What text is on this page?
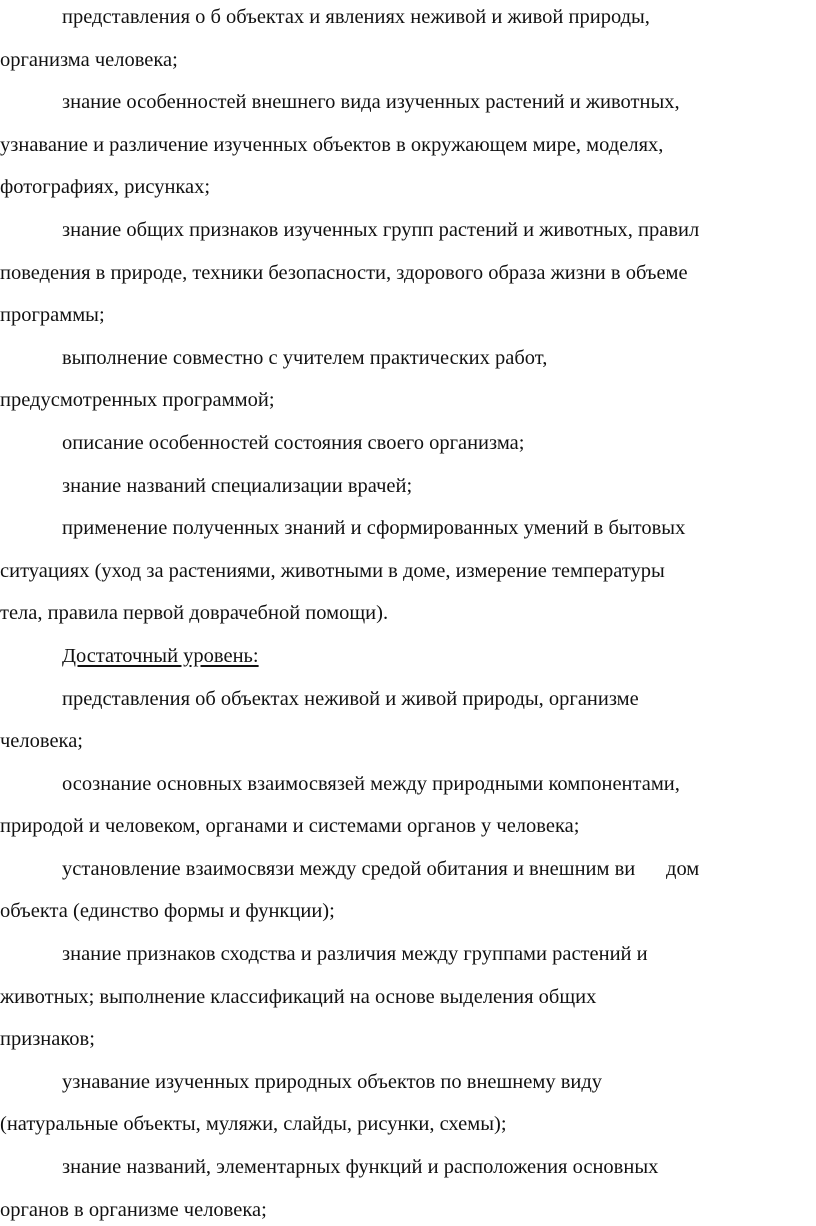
представления о б объектах и явлениях неживой и живой природы,
организма человека;
знание особенностей внешнего вида изученных растений и животных,
узнавание и различение изученных объектов в окружающем мире, моделях,
фотографиях, рисунках;
знание общих признаков изученных групп растений и животных, правил
поведения в природе, техники безопасности, здорового образа жизни в объеме
программы;
выполнение совместно с учителем практических работ,
предусмотренных программой;
описание особенностей состояния своего организма;
знание названий специализации врачей;
применение полученных знаний и сформированных умений в бытовых
ситуациях (уход за растениями, животными в доме, измерение температуры
тела, правила первой доврачебной помощи).
Достаточный уровень:
представления об объектах неживой и живой природы, организме
человека;
осознание основных взаимосвязей между природными компонентами,
природой и человеком, органами и системами органов у человека;
установление взаимосвязи между средой обитания и внешним ви      дом
объекта (единство формы и функции);
знание признаков сходства и различия между группами растений и
животных; выполнение классификаций на основе выделения общих
признаков;
узнавание изученных природных объектов по внешнему виду
(натуральные объекты, муляжи, слайды, рисунки, схемы);
знание названий, элементарных функций и расположения основных
органов в организме человека;
